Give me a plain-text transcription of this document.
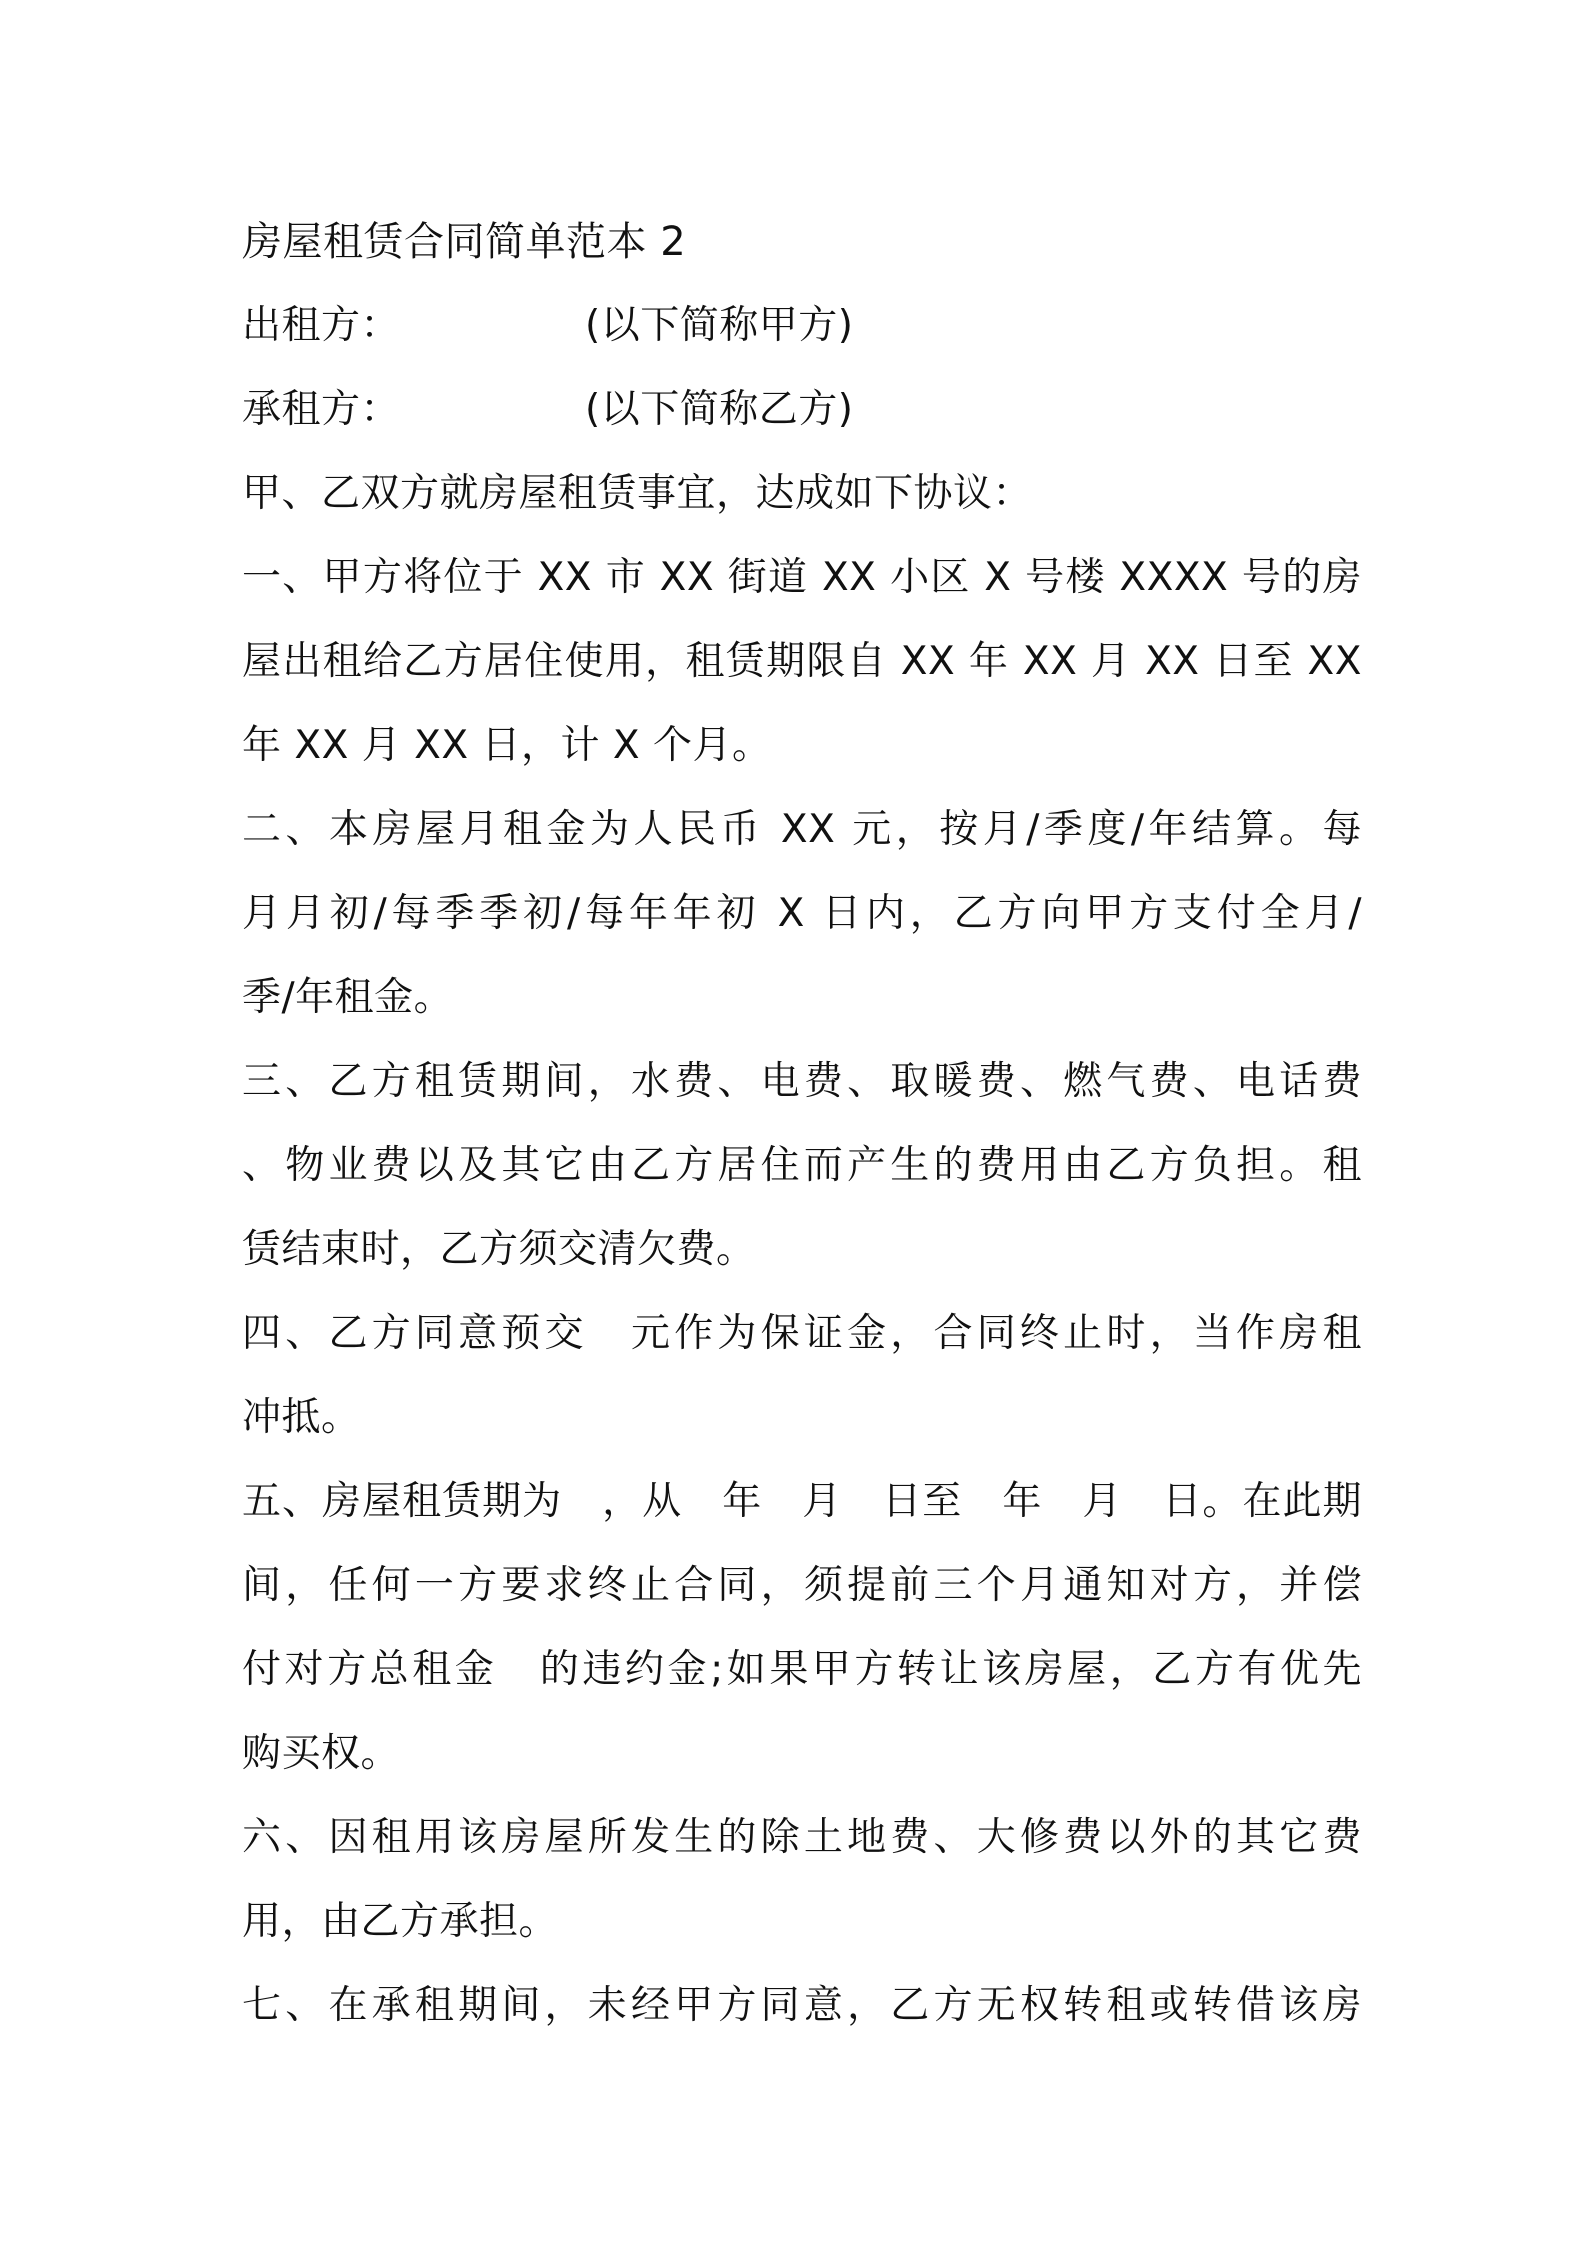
房屋租赁合同简单范本 2
出租方：	(以下简称甲方)
承租方：	(以下简称乙方)
甲、乙双方就房屋租赁事宜，达成如下协议：
一、甲方将位于 XX 市 XX 街道 XX 小区 X 号楼 XXXX 号的房
屋出租给乙方居住使用，租赁期限自 XX 年 XX 月 XX 日至 XX
年 XX 月 XX 日，计 X 个月。
二、本房屋月租金为人民币 XX 元，按月/季度/年结算。每
月月初/每季季初/每年年初 X 日内，乙方向甲方支付全月/
季/年租金。
三、乙方租赁期间，水费、电费、取暖费、燃气费、电话费
、物业费以及其它由乙方居住而产生的费用由乙方负担。租
赁结束时，乙方须交清欠费。
四、乙方同意预交　元作为保证金，合同终止时，当作房租
冲抵。
五、房屋租赁期为　，从　年　月　日至　年　月　日。在此期
间，任何一方要求终止合同，须提前三个月通知对方，并偿
付对方总租金　的违约金;如果甲方转让该房屋，乙方有优先
购买权。
六、因租用该房屋所发生的除土地费、大修费以外的其它费
用，由乙方承担。
七、在承租期间，未经甲方同意，乙方无权转租或转借该房
